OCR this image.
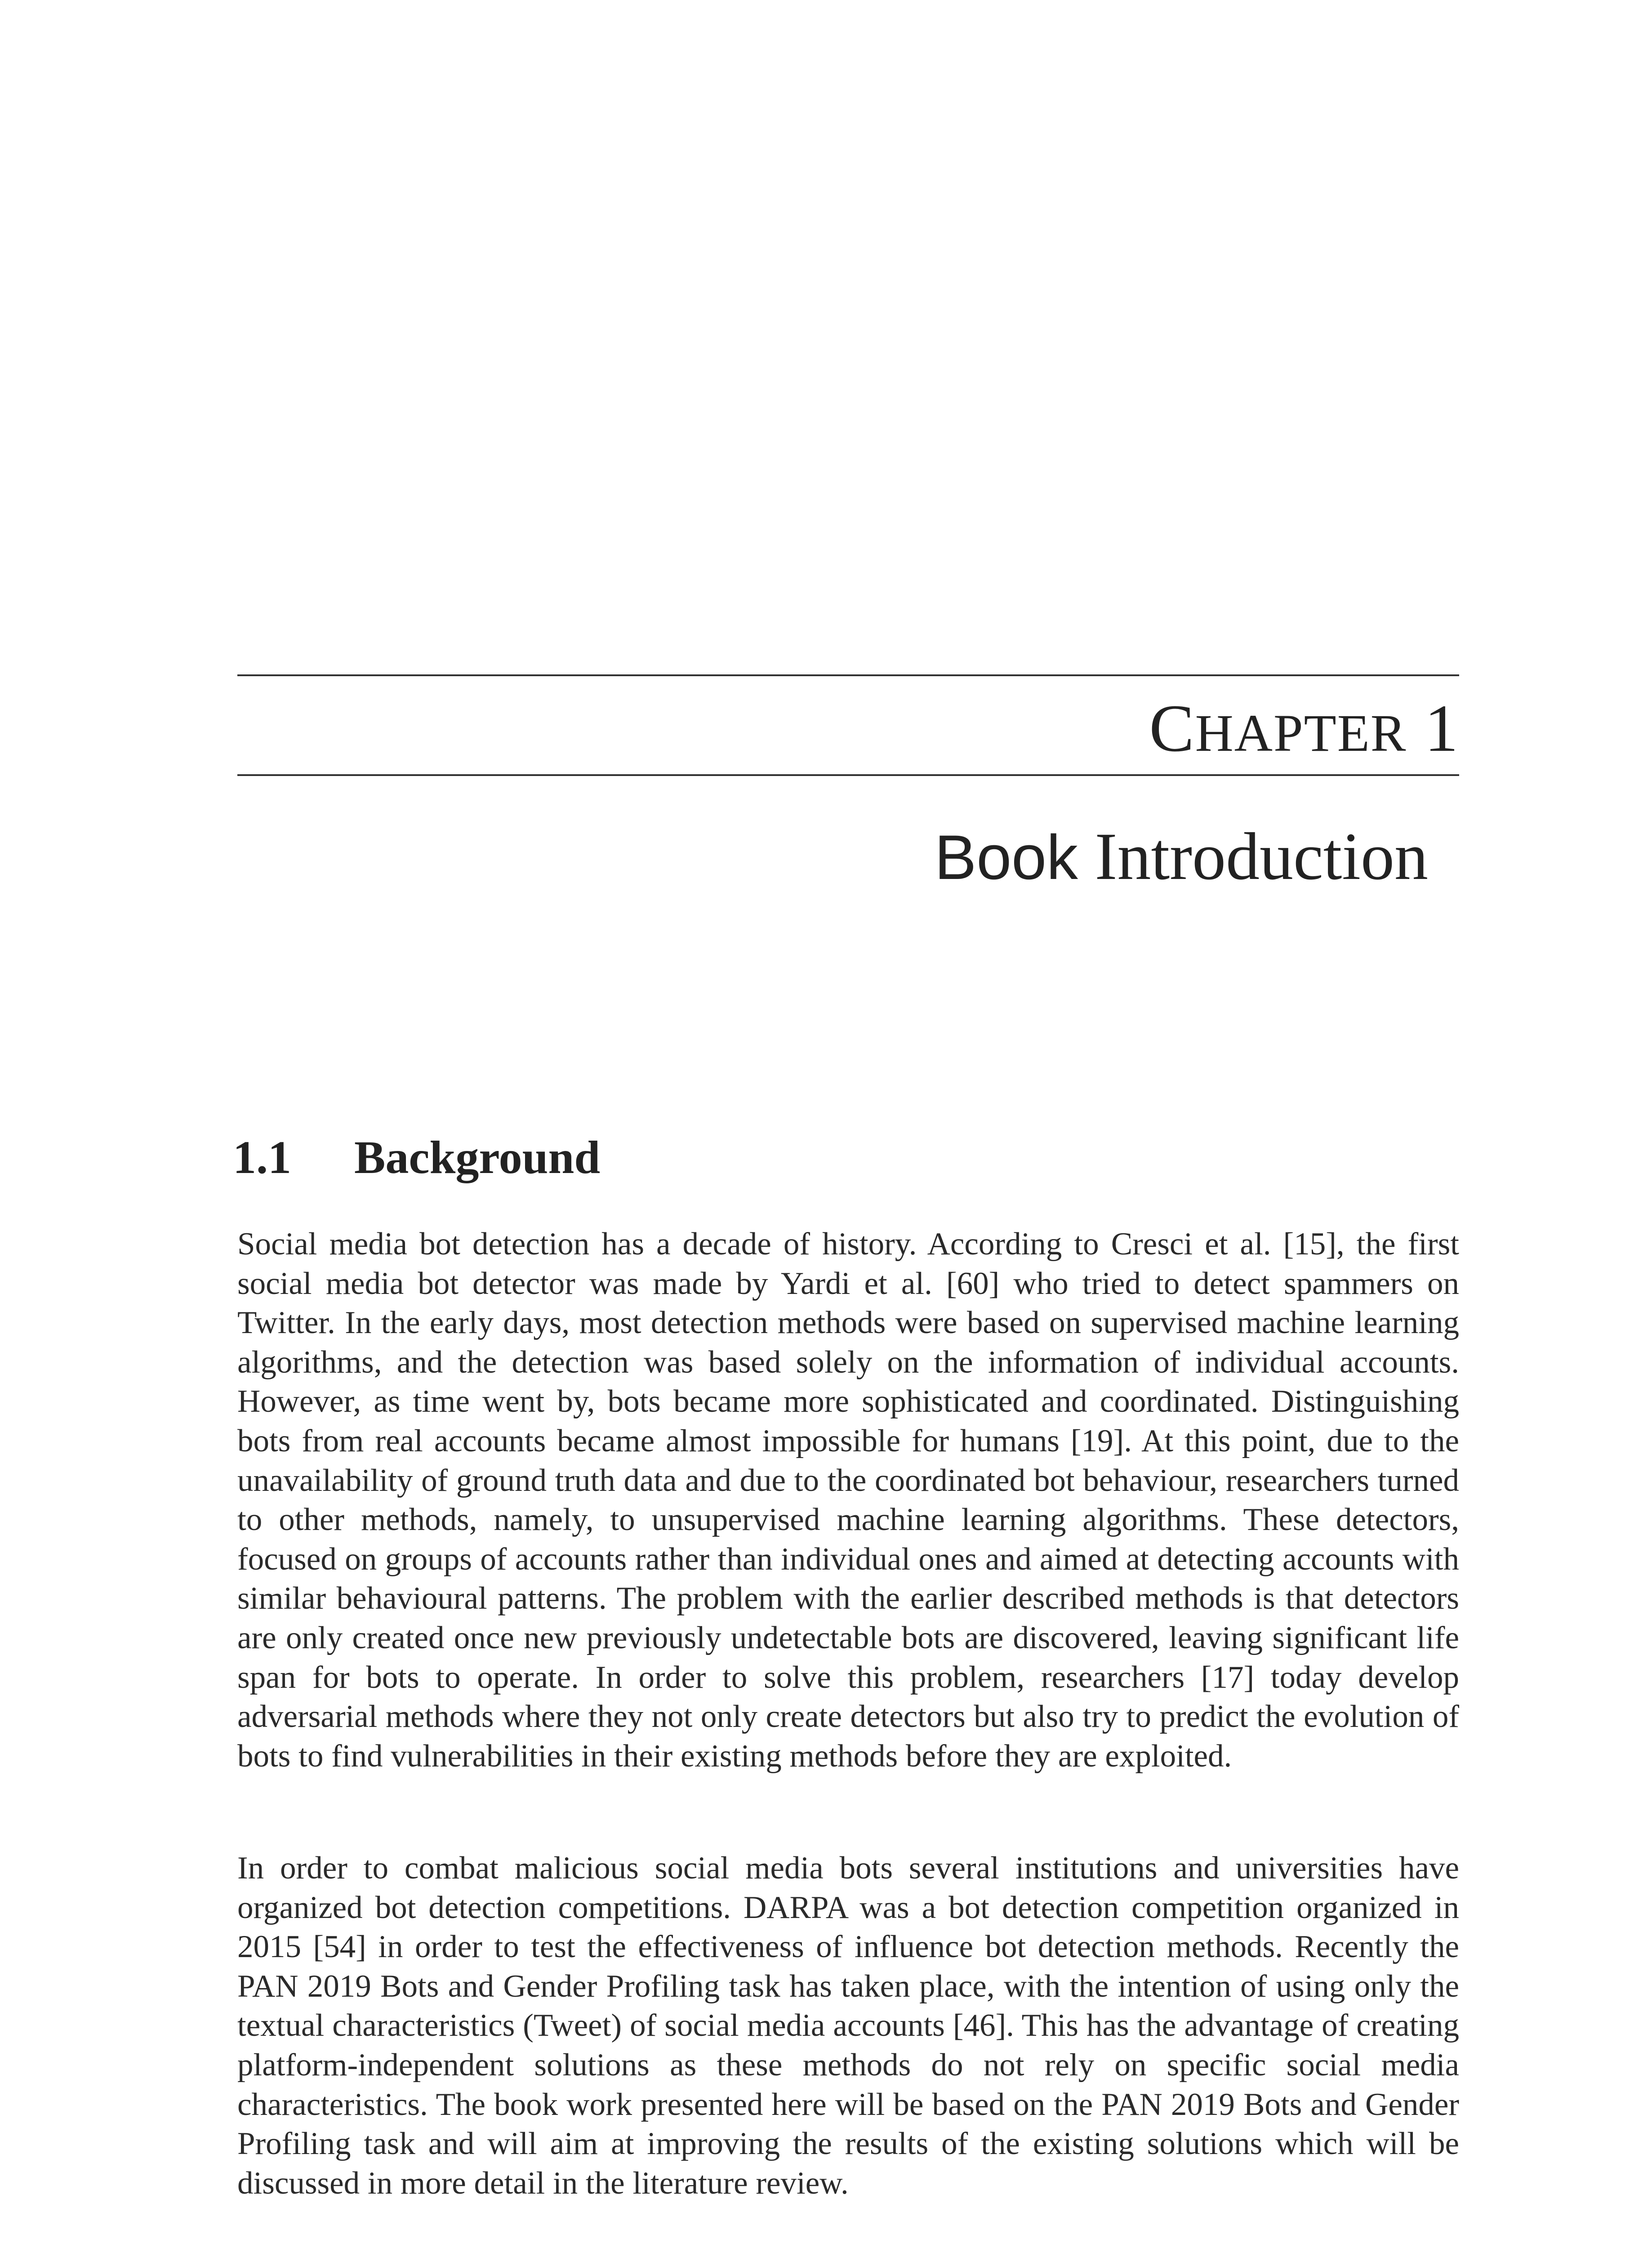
CHAPTER 1
Book Introduction
1.1 Background

Social media bot detection has a decade of history. According to Cresci et al. [15], the first social media bot detector was made by Yardi et al. [60] who tried to detect spammers on Twitter. In the early days, most detection methods were based on supervised machine learning algorithms, and the detection was based solely on the information of individual accounts. However, as time went by, bots became more sophisticated and coordinated. Distinguishing bots from real accounts became almost impossible for humans [19]. At this point, due to the unavailability of ground truth data and due to the coordinated bot behaviour, researchers turned to other methods, namely, to unsupervised machine learning algorithms. These detectors, focused on groups of accounts rather than individual ones and aimed at detecting accounts with similar behavioural patterns. The problem with the earlier described methods is that detectors are only created once new previously undetectable bots are discovered, leaving significant life span for bots to operate. In order to solve this problem, researchers [17] today develop adversarial methods where they not only create detectors but also try to predict the evolution of bots to find vulnerabilities in their existing methods before they are exploited.

In order to combat malicious social media bots several institutions and universities have organized bot detection competitions. DARPA was a bot detection competition organized in 2015 [54] in order to test the effectiveness of influence bot detection methods. Recently the PAN 2019 Bots and Gender Profiling task has taken place, with the intention of using only the textual characteristics (Tweet) of social media accounts [46]. This has the advantage of creating platform-independent solutions as these methods do not rely on specific social media characteristics. The book work presented here will be based on the PAN 2019 Bots and Gender Profiling task and will aim at improving the results of the existing solutions which will be discussed in more detail in the literature review.
